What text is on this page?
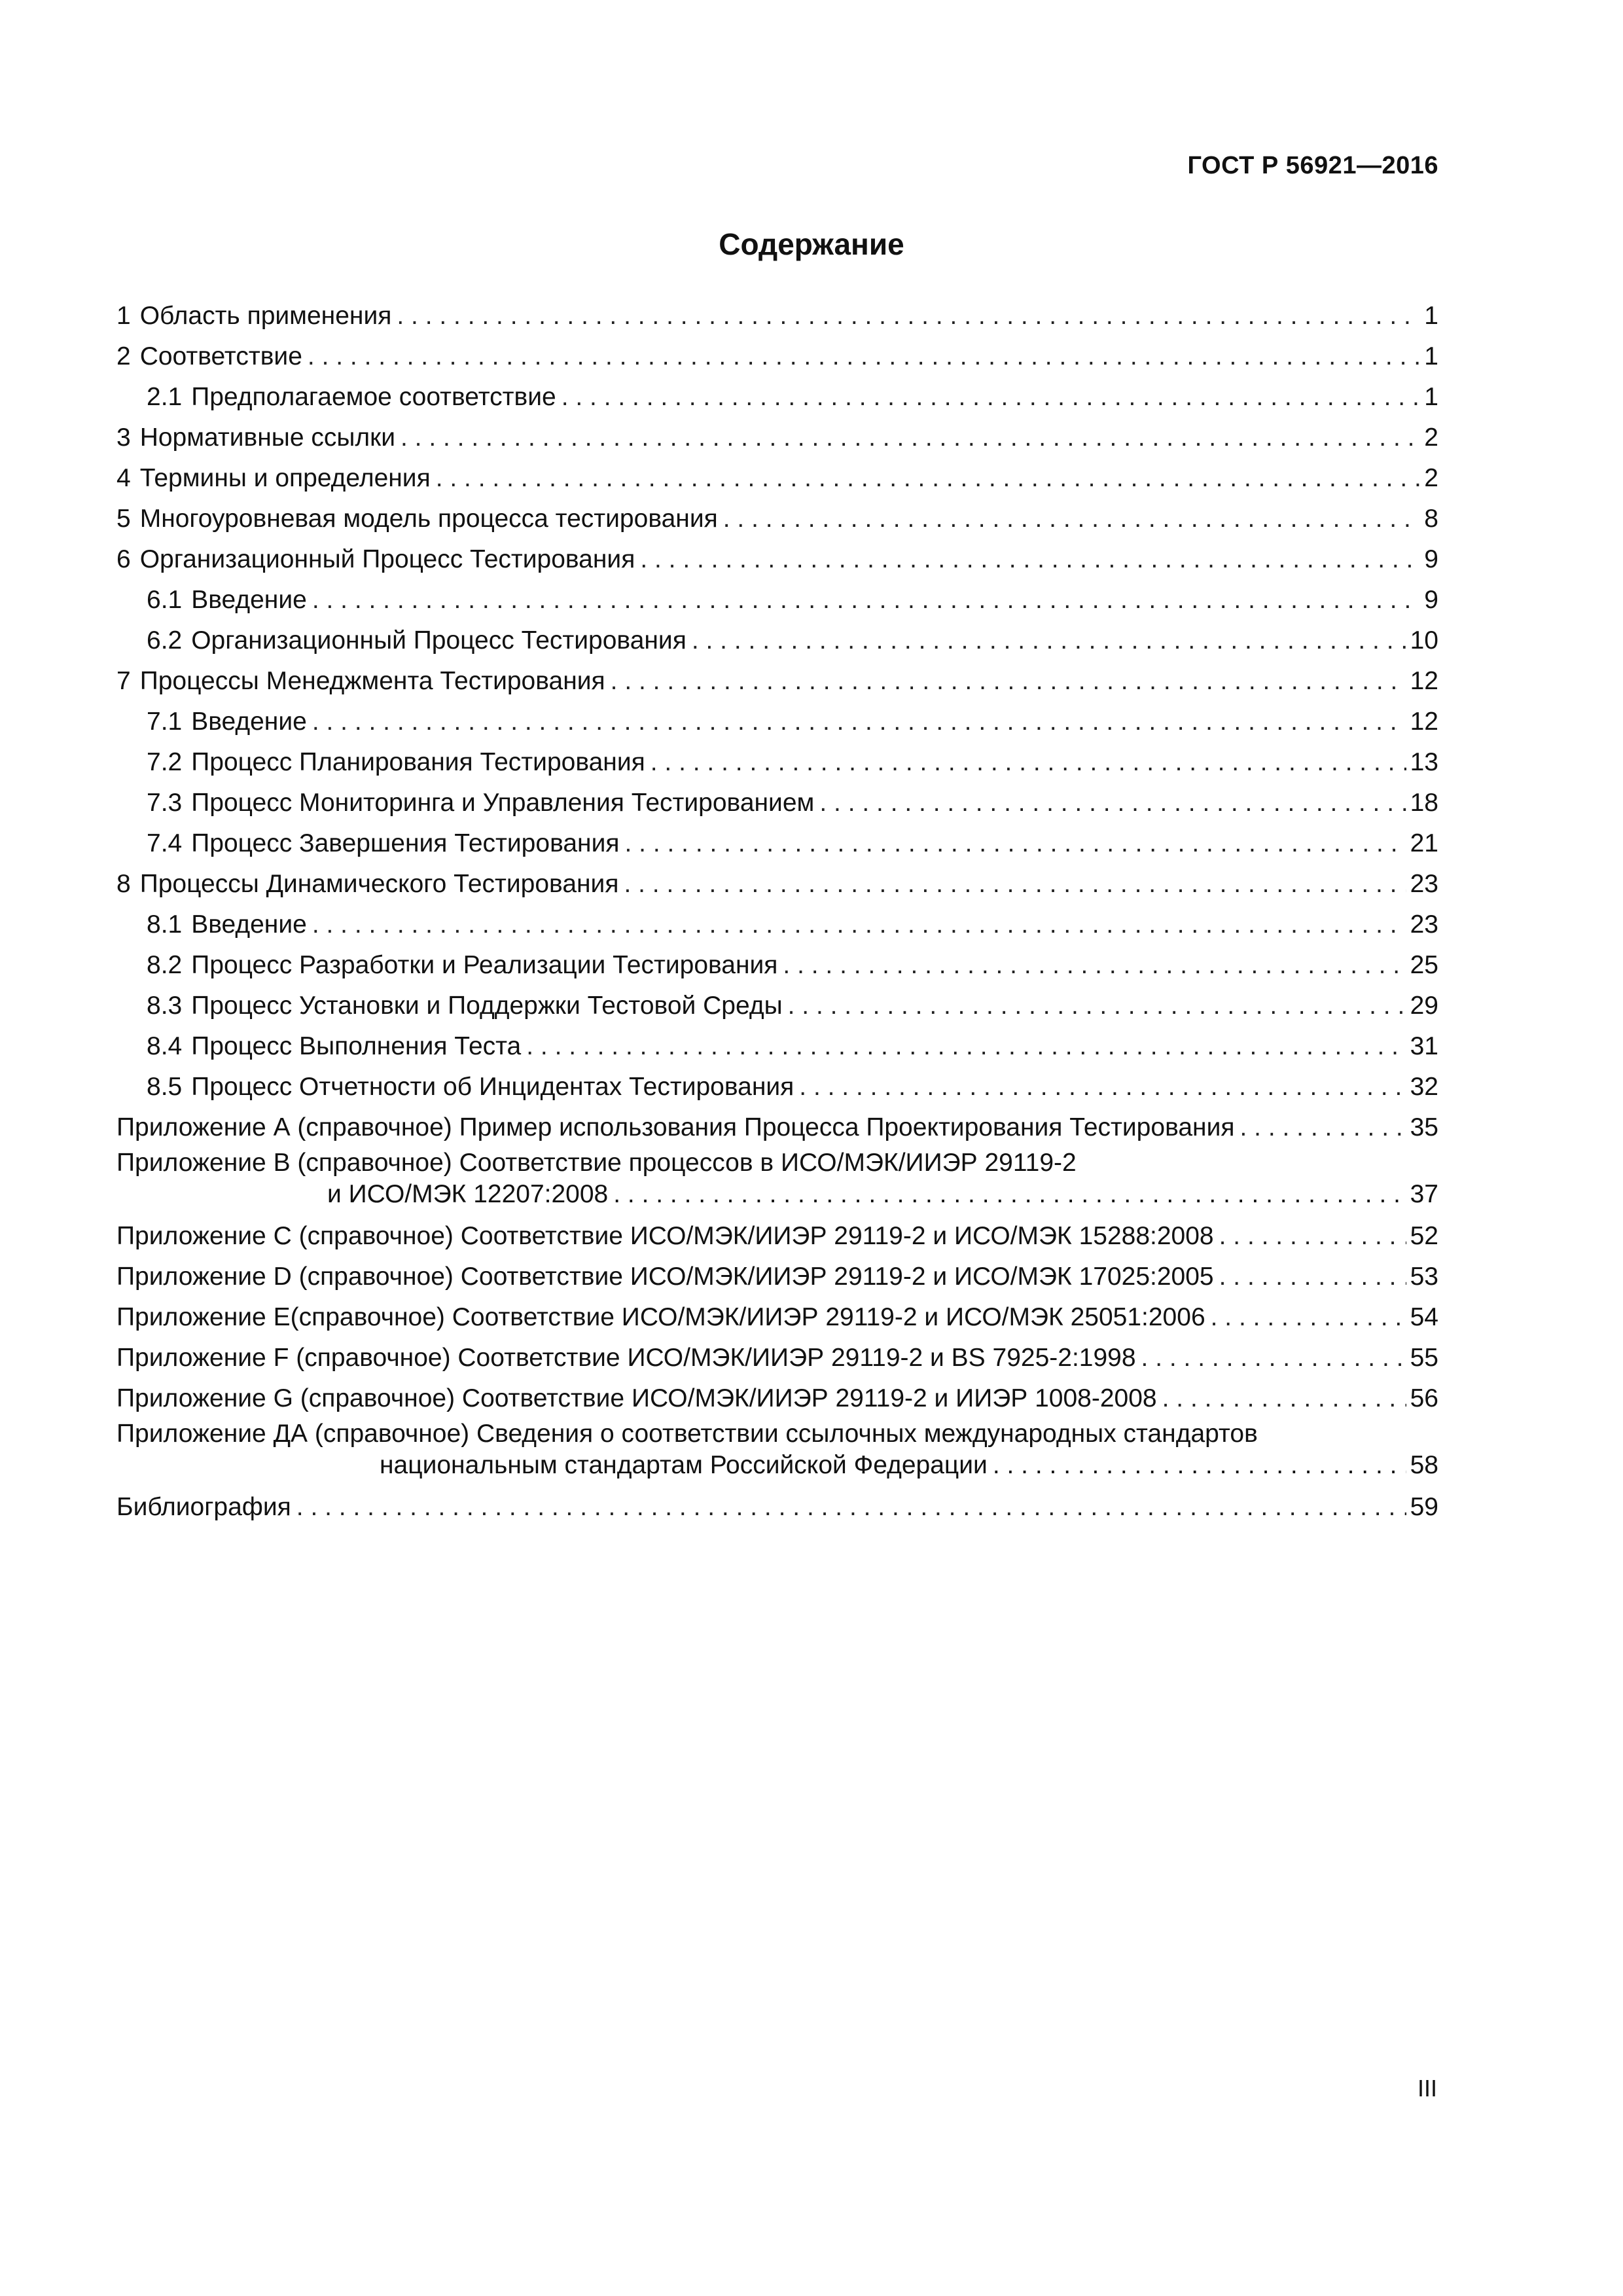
ГОСТ Р 56921—2016
Содержание
1 Область применения . . .	1
2 Соответствие . . .	1
2.1 Предполагаемое соответствие . . .	1
3 Нормативные ссылки . . .	2
4 Термины и определения . . .	2
5 Многоуровневая модель процесса тестирования . . .	8
6 Организационный Процесс Тестирования . . .	9
6.1 Введение . . .	9
6.2 Организационный Процесс Тестирования . . .	10
7 Процессы Менеджмента Тестирования . . .	12
7.1 Введение . . .	12
7.2 Процесс Планирования Тестирования . . .	13
7.3 Процесс Мониторинга и Управления Тестированием . . .	18
7.4 Процесс Завершения Тестирования . . .	21
8 Процессы Динамического Тестирования . . .	23
8.1 Введение . . .	23
8.2 Процесс Разработки и Реализации Тестирования . . .	25
8.3 Процесс Установки и Поддержки Тестовой Среды . . .	29
8.4 Процесс Выполнения Теста . . .	31
8.5 Процесс Отчетности об Инцидентах Тестирования . . .	32
Приложение А (справочное) Пример использования Процесса Проектирования Тестирования . . .	35
Приложение В (справочное) Соответствие процессов в ИСО/МЭК/ИИЭР 29119-2
и ИСО/МЭК 12207:2008 . . .	37
Приложение С (справочное) Соответствие ИСО/МЭК/ИИЭР 29119-2 и ИСО/МЭК 15288:2008 . . .	52
Приложение D (справочное) Соответствие ИСО/МЭК/ИИЭР 29119-2 и ИСО/МЭК 17025:2005 . . .	53
Приложение E(справочное) Соответствие ИСО/МЭК/ИИЭР 29119-2 и ИСО/МЭК 25051:2006 . . .	54
Приложение F (справочное) Соответствие ИСО/МЭК/ИИЭР 29119-2 и BS 7925-2:1998 . . .	55
Приложение G (справочное) Соответствие ИСО/МЭК/ИИЭР 29119-2 и ИИЭР 1008-2008 . . .	56
Приложение ДА (справочное) Сведения о соответствии ссылочных международных стандартов
национальным стандартам Российской Федерации . . .	58
Библиография . . .	59
III
